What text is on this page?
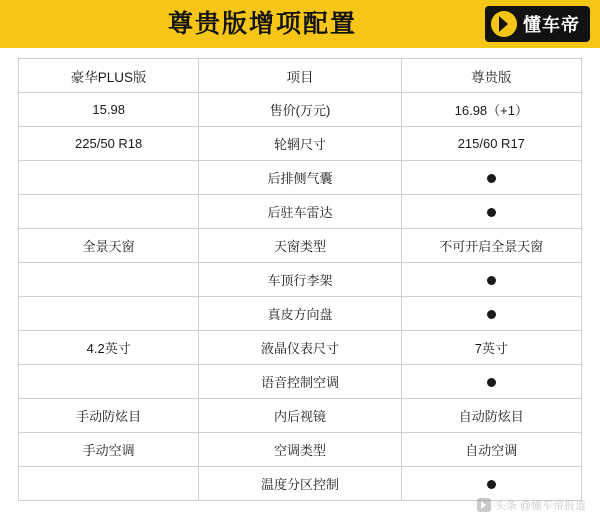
尊贵版增项配置	懂车帝
豪华PLUS版	项目	尊贵版
15.98	售价(万元)	16.98（+1）
225/50 R18	轮辋尺寸	215/60 R17
	后排侧气囊	
	后驻车雷达	
全景天窗	天窗类型	不可开启全景天窗
	车顶行李架	
	真皮方向盘	
4.2英寸	液晶仪表尺寸	7英寸
	语音控制空调	
手动防炫目	内后视镜	自动防炫目
手动空调	空调类型	自动空调
	温度分区控制	
头条 @懂车帝报道
